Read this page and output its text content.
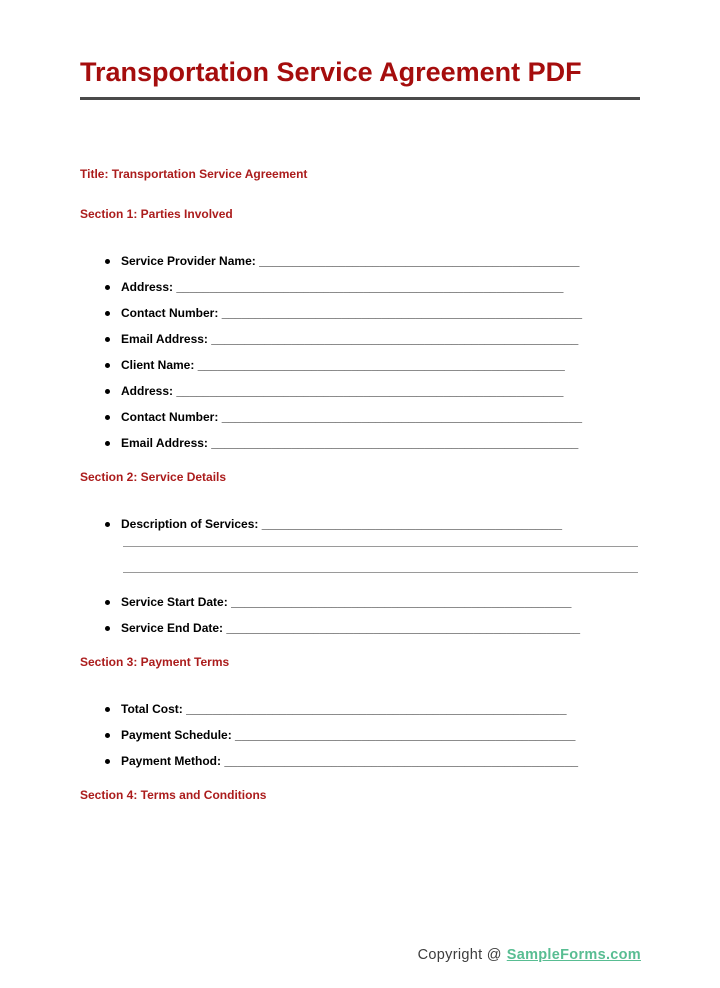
Transportation Service Agreement PDF
Title: Transportation Service Agreement
Section 1: Parties Involved
Service Provider Name: ________________________________________________
Address: __________________________________________________________
Contact Number: ______________________________________________________
Email Address: _______________________________________________________
Client Name: _______________________________________________________
Address: __________________________________________________________
Contact Number: ______________________________________________________
Email Address: _______________________________________________________
Section 2: Service Details
Description of Services: _____________________________________________
Service Start Date: ___________________________________________________
Service End Date: _____________________________________________________
Section 3: Payment Terms
Total Cost: _________________________________________________________
Payment Schedule: ___________________________________________________
Payment Method: _____________________________________________________
Section 4: Terms and Conditions
Copyright @ SampleForms.com
